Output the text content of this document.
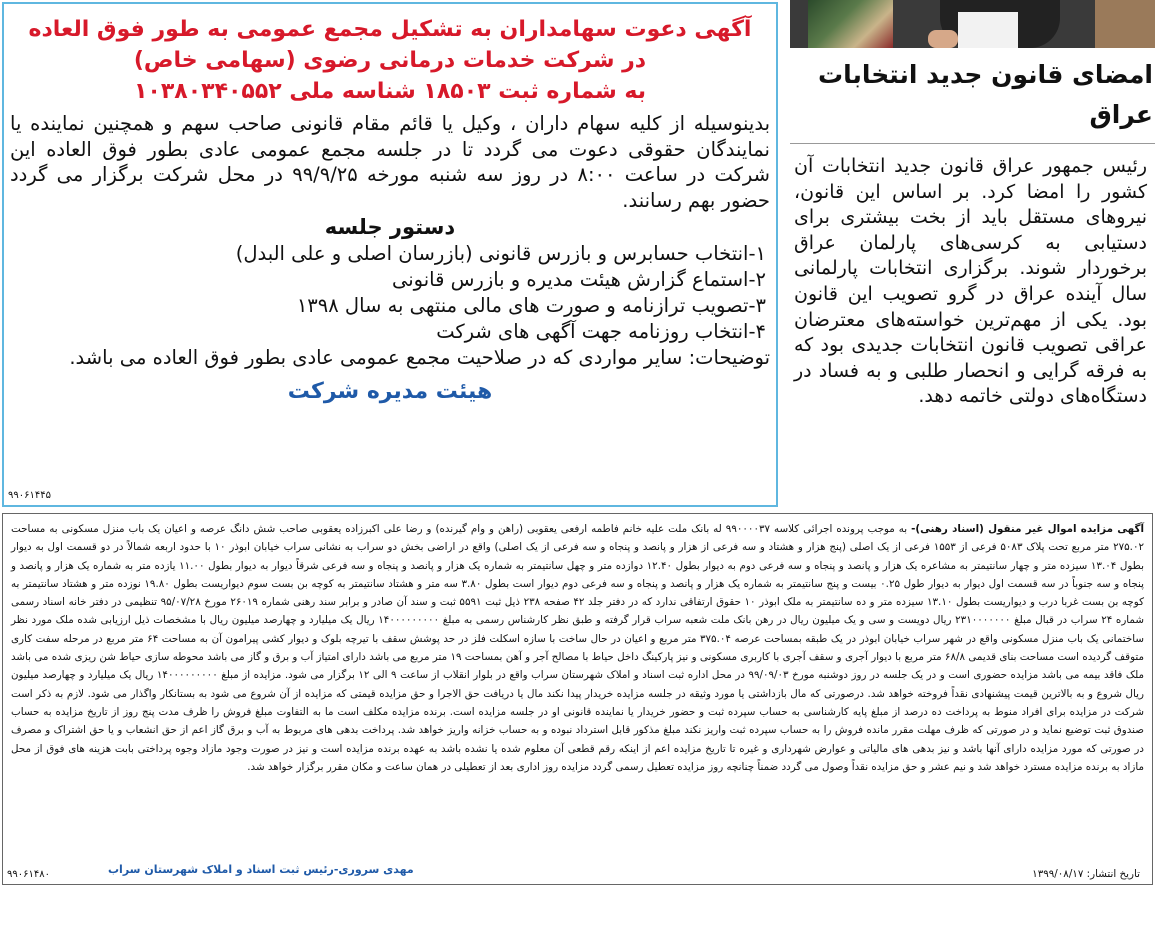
آگهی دعوت سهامداران به تشکیل مجمع عمومی به طور فوق العاده
در شرکت خدمات درمانی رضوی (سهامی خاص)
به شماره ثبت ۱۸۵۰۳ شناسه ملی ۱۰۳۸۰۳۴۰۵۵۲
بدینوسیله از کلیه سهام داران ، وکیل یا قائم مقام قانونی صاحب سهم و همچنین نماینده یا نمایندگان حقوقی دعوت می گردد تا در جلسه مجمع عمومی عادی بطور فوق العاده این شرکت در ساعت ۸:۰۰ در روز سه شنبه مورخه ۹۹/۹/۲۵ در محل شرکت برگزار می گردد حضور بهم رسانند.
دستور جلسه
۱-انتخاب حسابرس و بازرس قانونی (بازرسان اصلی و علی البدل)
۲-استماع گزارش هیئت مدیره و بازرس قانونی
۳-تصویب ترازنامه و صورت های مالی منتهی به سال ۱۳۹۸
۴-انتخاب روزنامه جهت آگهی های شرکت
توضیحات: سایر مواردی که در صلاحیت مجمع عمومی عادی بطور فوق العاده می باشد.
هیئت مدیره شرکت
۹۹۰۶۱۴۴۵
امضای قانون جدید انتخابات عراق
رئیس جمهور عراق قانون جدید انتخابات آن کشور را امضا کرد. بر اساس این قانون، نیروهای مستقل باید از بخت بیشتری برای دستیابی به کرسی‌های پارلمان عراق برخوردار شوند. برگزاری انتخابات پارلمانی سال آینده عراق در گرو تصویب این قانون بود. یکی از مهم‌ترین خواسته‌های معترضان عراقی تصویب قانون انتخابات جدیدی بود که به فرقه گرایی و انحصار طلبی و به فساد در دستگاه‌های دولتی خاتمه دهد.
آگهی مزایده اموال غیر منقول (اسناد رهنی)- به موجب پرونده اجرائی کلاسه ۹۹۰۰۰۰۳۷ له بانک ملت علیه خانم فاطمه ارفعی یعقوبی (راهن و وام گیرنده) و رضا علی اکبرزاده یعقوبی صاحب شش دانگ عرصه و اعیان یک باب منزل مسکونی به مساحت ۲۷۵.۰۲ متر مربع تحت پلاک ۵۰۸۳ فرعی از ۱۵۵۳ فرعی از یک اصلی (پنج هزار و هشتاد و سه فرعی از هزار و پانصد و پنجاه و سه فرعی از یک اصلی) واقع در اراضی بخش دو سراب به نشانی سراب خیابان ابوذر ۱۰ با حدود اربعه شمالاً در دو قسمت اول به دیوار بطول ۱۳.۰۴ سیزده متر و چهار سانتیمتر به مشاعره یک هزار و پانصد و پنجاه و سه فرعی دوم به دیوار بطول ۱۲.۴۰ دوازده متر و چهل سانتیمتر به شماره یک هزار و پانصد و پنجاه و سه فرعی شرقاً دیوار به دیوار بطول ۱۱.۰۰ یازده متر به شماره یک هزار و پانصد و پنجاه و سه جنوباً در سه قسمت اول دیوار به دیوار طول ۰.۲۵ بیست و پنج سانتیمتر به شماره یک هزار و پانصد و پنجاه و سه فرعی دوم دیوار است بطول ۳.۸۰ سه متر و هشتاد سانتیمتر به کوچه بن بست سوم دیواریست بطول ۱۹.۸۰ نوزده متر و هشتاد سانتیمتر به کوچه بن بست غربا درب و دیواریست بطول ۱۳.۱۰ سیزده متر و ده سانتیمتر به ملک ابوذر ۱۰ حقوق ارتفاقی ندارد که در دفتر جلد ۴۲ صفحه ۲۳۸ ذیل ثبت ۵۵۹۱ ثبت و سند آن صادر و برابر سند رهنی شماره ۲۶۰۱۹ مورخ ۹۵/۰۷/۲۸ تنظیمی در دفتر خانه اسناد رسمی شماره ۲۴ سراب در قبال مبلغ ۲۳۱۰۰۰۰۰۰۰ ریال دویست و سی و یک میلیون ریال در رهن بانک ملت شعبه سراب قرار گرفته و طبق نظر کارشناس رسمی به مبلغ ۱۴۰۰۰۰۰۰۰۰۰ ریال یک میلیارد و چهارصد میلیون ریال با مشخصات ذیل ارزیابی شده ملک مورد نظر ساختمانی یک باب منزل مسکونی واقع در شهر سراب خیابان ابوذر در یک طبقه بمساحت عرصه ۳۷۵.۰۴ متر مربع و اعیان در حال ساخت با سازه اسکلت فلز در حد پوشش سقف با تیرچه بلوک و دیوار کشی پیرامون آن به مساحت ۶۴ متر مربع در مرحله سفت کاری متوقف گردیده است مساحت بنای قدیمی ۶۸/۸ متر مربع با دیوار آجری و سقف آجری با کاربری مسکونی و نیز پارکینگ داخل حیاط با مصالح آجر و آهن بمساحت ۱۹ متر مربع می باشد دارای امتیاز آب و برق و گاز می باشد محوطه سازی حیاط شن ریزی شده می باشد ملک فاقد بیمه می باشد مزایده حضوری است و در یک جلسه در روز دوشنبه مورخ ۹۹/۰۹/۰۳ در محل اداره ثبت اسناد و املاک شهرستان سراب واقع در بلوار انقلاب از ساعت ۹ الی ۱۲ برگزار می شود. مزایده از مبلغ ۱۴۰۰۰۰۰۰۰۰۰ ریال یک میلیارد و چهارصد میلیون ریال شروع و به بالاترین قیمت پیشنهادی نقداً فروخته خواهد شد. درصورتی که مال بازداشتی یا مورد وثیقه در جلسه مزایده خریدار پیدا نکند مال یا دریافت حق الاجرا و حق مزایده قیمتی که مزایده از آن شروع می شود به بستانکار واگذار می شود. لازم به ذکر است شرکت در مزایده برای افراد منوط به پرداخت ده درصد از مبلغ پایه کارشناسی به حساب سپرده ثبت و حضور خریدار یا نماینده قانونی او در جلسه مزایده است. برنده مزایده مکلف است ما به التفاوت مبلغ فروش را ظرف مدت پنج روز از تاریخ مزایده به حساب صندوق ثبت توضیع نماید و در صورتی که ظرف مهلت مقرر مانده فروش را به حساب سپرده ثبت واریز نکند مبلغ مذکور قابل استرداد نبوده و به حساب خزانه واریز خواهد شد. پرداخت بدهی های مربوط به آب و برق گاز اعم از حق انشعاب و یا حق اشتراک و مصرف در صورتی که مورد مزایده دارای آنها باشد و نیز بدهی های مالیاتی و عوارض شهرداری و غیره تا تاریخ مزایده اعم از اینکه رقم قطعی آن معلوم شده یا نشده باشد به عهده برنده مزایده است و نیز در صورت وجود مازاد وجوه پرداختی بابت هزینه های فوق از محل مازاد به برنده مزایده مسترد خواهد شد و نیم عشر و حق مزایده نقداً وصول می گردد ضمناً چنانچه روز مزایده تعطیل رسمی گردد مزایده روز اداری بعد از تعطیلی در همان ساعت و مکان مقرر برگزار خواهد شد.
تاریخ انتشار: ۱۳۹۹/۰۸/۱۷
مهدی سروری-رئیس ثبت اسناد و املاک شهرستان سراب
۹۹۰۶۱۴۸۰
